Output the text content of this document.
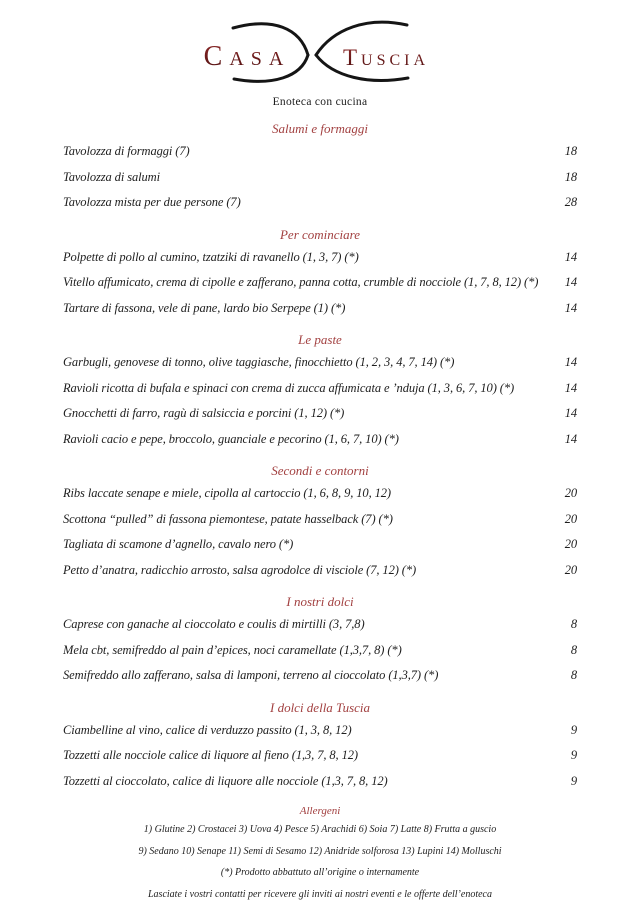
Casa Tuscia
Enoteca con cucina
Salumi e formaggi
Tavolozza di formaggi (7)	18
Tavolozza di salumi	18
Tavolozza mista per due persone (7)	28
Per cominciare
Polpette di pollo al cumino, tzatziki di ravanello (1, 3, 7) (*)	14
Vitello affumicato, crema di cipolle e zafferano, panna cotta, crumble di nocciole (1, 7, 8, 12) (*) 14
Tartare di fassona, vele di pane, lardo bio Serpepe (1) (*)	14
Le paste
Garbugli, genovese di tonno, olive taggiasche, finocchietto (1, 2, 3, 4, 7, 14) (*)	14
Ravioli ricotta di bufala e spinaci con crema di zucca affumicata e ’nduja (1, 3, 6, 7, 10) (*)	14
Gnocchetti di farro, ragù di salsiccia e porcini (1, 12) (*)	14
Ravioli cacio e pepe, broccolo, guanciale e pecorino (1, 6, 7, 10) (*)	14
Secondi e contorni
Ribs laccate senape e miele, cipolla al cartoccio (1, 6, 8, 9, 10, 12)	20
Scottona “pulled” di fassona piemontese, patate hasselback (7) (*)	20
Tagliata di scamone d’agnello, cavalo nero (*)	20
Petto d’anatra, radicchio arrosto, salsa agrodolce di visciole (7, 12) (*)	20
I nostri dolci
Caprese con ganache al cioccolato e coulis di mirtilli (3, 7,8)	8
Mela cbt, semifreddo al pain d’epices, noci caramellate (1,3,7, 8) (*)	8
Semifreddo allo zafferano, salsa di lamponi, terreno al cioccolato (1,3,7) (*)	8
I dolci della Tuscia
Ciambelline al vino, calice di verduzzo passito (1, 3, 8, 12)	9
Tozzetti alle nocciole calice di liquore al fieno (1,3, 7, 8, 12)	9
Tozzetti al cioccolato, calice di liquore alle nocciole (1,3, 7, 8, 12)	9
Allergeni

1) Glutine 2) Crostacei 3) Uova 4) Pesce 5) Arachidi 6) Soia 7) Latte 8) Frutta a guscio

9) Sedano 10) Senape 11) Semi di Sesamo 12) Anidride solforosa 13) Lupini 14) Molluschi

(*) Prodotto abbattuto all’origine o internamente

Lasciate i vostri contatti per ricevere gli inviti ai nostri eventi e le offerte dell’enoteca
